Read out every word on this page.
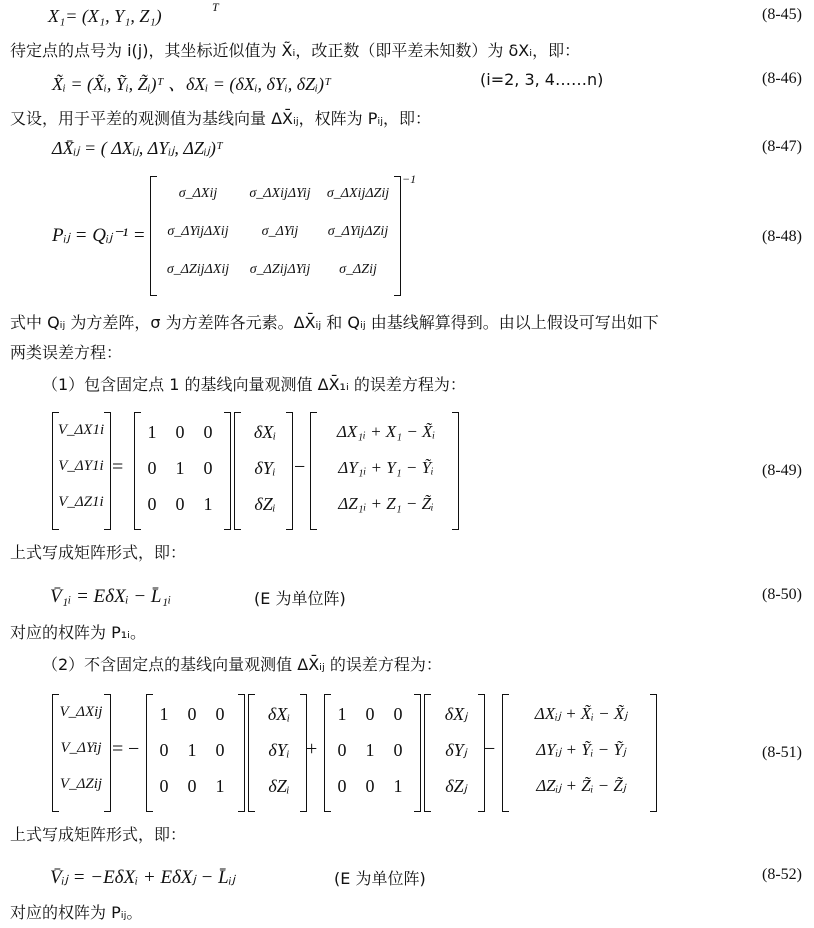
X₁= (X₁, Y₁, Z₁)	T	(8-45)
待定点的点号为 i(j)，其坐标近似值为 X̃ᵢ，改正数（即平差未知数）为 δXᵢ，即：
X̃ᵢ = (X̃ᵢ, Ỹᵢ, Z̃ᵢ)ᵀ 、δXᵢ = (δXᵢ, δYᵢ, δZᵢ)ᵀ	(i=2, 3, 4……n)	(8-46)
又设，用于平差的观测值为基线向量 ΔX̄ᵢⱼ，权阵为 Pᵢⱼ，即：
ΔX̄ᵢⱼ = ( ΔXᵢⱼ, ΔYᵢⱼ, ΔZᵢⱼ)ᵀ	(8-47)
Pᵢⱼ = Qᵢⱼ⁻¹ =
−1
σ_ΔXij	σ_ΔXijΔYij	σ_ΔXijΔZij
σ_ΔYijΔXij	σ_ΔYij	σ_ΔYijΔZij
σ_ΔZijΔXij	σ_ΔZijΔYij	σ_ΔZij
(8-48)
式中 Qᵢⱼ 为方差阵，σ 为方差阵各元素。ΔX̄ᵢⱼ 和 Qᵢⱼ 由基线解算得到。由以上假设可写出如下
两类误差方程：
（1）包含固定点 1 的基线向量观测值 ΔX̄₁ᵢ 的误差方程为：
V_ΔX1i
V_ΔY1i
V_ΔZ1i
=
1	0	0
0	1	0
0	0	1
δXᵢ
δYᵢ
δZᵢ
−
ΔX₁ᵢ + X₁ − X̃ᵢ
ΔY₁ᵢ + Y₁ − Ỹᵢ
ΔZ₁ᵢ + Z₁ − Z̃ᵢ
(8-49)
上式写成矩阵形式，即：
V̄₁ᵢ = EδXᵢ − L̄₁ᵢ	(E 为单位阵)	(8-50)
对应的权阵为 P₁ᵢ。
（2）不含固定点的基线向量观测值 ΔX̄ᵢⱼ 的误差方程为：
V_ΔXij
V_ΔYij
V_ΔZij
= −
1	0	0
0	1	0
0	0	1
δXᵢ
δYᵢ
δZᵢ
+
1	0	0
0	1	0
0	0	1
δXⱼ
δYⱼ
δZⱼ
−
ΔXᵢⱼ + X̃ᵢ − X̃ⱼ
ΔYᵢⱼ + Ỹᵢ − Ỹⱼ
ΔZᵢⱼ + Z̃ᵢ − Z̃ⱼ
(8-51)
上式写成矩阵形式，即：
V̄ᵢⱼ = −EδXᵢ + EδXⱼ − L̄ᵢⱼ	(E 为单位阵)	(8-52)
对应的权阵为 Pᵢⱼ。
